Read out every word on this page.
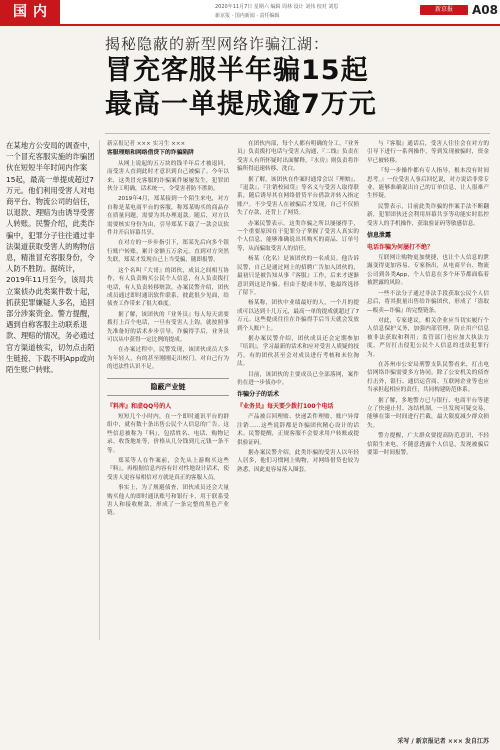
国内	2020年11月7日 星期六 编辑 周林 设计 刘伟 校对 刘思
新京报 · 国内新闻 · 责任编辑
新京报	A08
揭秘隐蔽的新型网络诈骗江湖：
冒充客服半年骗15起
最高一单提成逾7万元
在某地方公安局的调查中，一个冒充客服实施的诈骗团伙在短短半年时间内作案15起，最高一单提成超过7万元。他们利用受害人对电商平台、物流公司的信任，以退款、理赔为由诱导受害人转账。民警介绍，此类诈骗中，犯罪分子往往通过非法渠道获取受害人的购物信息，精准冒充客服身份，令人防不胜防。据统计，2019年11月至今，该局共立案侦办此类案件数十起，抓获犯罪嫌疑人多名，追回部分涉案资金。警方提醒，遇到自称客服主动联系退款、理赔的情况，务必通过官方渠道核实，切勿点击陌生链接、下载不明App或向陌生账户转账。
新京报记者 ××× 实习生 ×××
客服理赔和网络借贷下的诈骗陷阱

从网上说起的五万块的钱半年后才被退回，而受害人直到此时才意识到自己被骗了。今年以来，这类冒充客服的诈骗案件屡屡发生，犯罪团伙分工明确，话术统一，令受害者防不胜防。

2019年4月，郑某接到一个陌生来电，对方自称是某电商平台的客服，称郑某购买的商品存在质量问题，需要为其办理退款。随后，对方以需要核实身份为由，引导郑某下载了一款会议软件并开启屏幕共享。

在对方的一步步指引下，郑某先后向多个银行账户转账，累计金额五万余元。直到对方突然失联，郑某才发现自己上当受骗，随即报警。

这个名叫『大哥』的团伙，成员之间相互协作，有人负责购买公民个人信息，有人负责拨打电话，有人负责转移赃款。办案民警介绍，团伙成员通过即时通讯软件联系，彼此很少见面，给侦查工作带来了很大难度。

据了解，该团伙的『业务员』每人每天需要拨打上百个电话，一旦有受害人上钩，就按照事先准备好的话术步步引导。诈骗得手后，业务员可以从中获得一定比例的提成。

在办案过程中，民警发现，该团伙成员大多为年轻人，有的甚至刚刚走出校门，对自己行为的违法性认识不足。

隐蔽产业链
『料库』和虚QQ号的人

短短几个小时内，在一个即时通讯平台的群组中，就有数十条出售公民个人信息的广告。这些信息被称为『料』，包括姓名、电话、购物记录、收货地址等，价格从几分钱到几元钱一条不等。

郑某等人在作案前，会先从上游购买这些『料』，再根据信息内容有针对性地设计话术，使受害人更容易相信对方就是真正的客服人员。

事实上，为了规避侦查，团伙成员还会大量购买他人的即时通讯账号和银行卡，用于联系受害人和接收赃款，形成了一条完整的黑色产业链。

在团伙内部，每个人都有明确的分工。『业务员』负责拨打电话与受害人沟通，『二线』负责在受害人有所怀疑时出面解释，『水房』则负责将诈骗所得迅速转移、洗白。

据了解，该团伙在作案时通常会以『理赔』、『退款』、『注销校园贷』等名义与受害人取得联系，随后诱导其在网络借贷平台借款并转入指定账户。不少受害人在被骗后才发现，自己不仅损失了存款，还背上了网贷。

办案民警表示，这类诈骗之所以屡屡得手，一个重要原因在于犯罪分子掌握了受害人真实的个人信息，能够准确说出其购买的商品、订单号等，从而骗取受害人的信任。

杨某（化名）是该团伙的一名成员。他告诉民警，自己是通过网上的招聘广告加入团伙的，最初只是被告知从事『客服』工作，后来才逐渐意识到这是诈骗。但由于提成丰厚，他最终选择了留下。

杨某称，团伙中业绩最好的人，一个月的提成可以达到十几万元，最高一单的提成就超过了7万元。这些提成往往在诈骗得手后当天就会发放到个人账户上。

据办案民警介绍，团伙成员还会定期参加『培训』，学习最新的话术和应对受害人质疑的技巧，有的团伙甚至会对成员进行考核和末位淘汰。

目前，该团伙的主要成员已全部落网，案件仍在进一步侦办中。

诈骗分子的话术
『业务员』每天要少拨打100个电话

产品被召回理赔、快递丢件理赔、账户异常注销……这些说辞都是诈骗团伙精心设计的话术。民警提醒，正规客服不会要求用户转账或提供验证码。

据办案民警介绍，此类诈骗的受害人以年轻人居多，他们习惯网上购物，对网络借贷也较为熟悉，因此更容易落入圈套。

与『客服』通话后，受害人往往会在对方的引导下进行一系列操作，等到发现被骗时，资金早已被转移。

『每一步操作都有专人指导，根本没有时间思考。』一位受害人事后回忆说，对方说话非常专业，能够准确说出自己的订单信息，让人很难产生怀疑。

民警表示，目前此类诈骗的作案手法不断翻新，犯罪团伙还会利用屏幕共享等功能实时监控受害人的手机操作，获取验证码等敏感信息。

信息泄露
电话诈骗为何屡打不绝？

互联网让购物更加便捷，也让个人信息的泄露变得更加容易。专家指出，从电商平台、物流公司到各类App，个人信息在多个环节都面临着被泄露的风险。

一些不法分子通过非法手段获取公民个人信息后，将其批量出售给诈骗团伙，形成了『盗取—贩卖—诈骗』的完整链条。

对此，专家建议，相关企业应当切实履行个人信息保护义务，加强内部管理，防止用户信息被非法获取和利用；监管部门也应加大执法力度，严厉打击侵犯公民个人信息的违法犯罪行为。

在苏州市公安局刑警支队民警看来，打击电信网络诈骗需要多方协同。除了公安机关的侦查打击外，银行、通信运营商、互联网企业等也应当承担起相应的责任，共同构建防范体系。

据了解，多地警方已与银行、电商平台等建立了快速止付、冻结机制，一旦发现可疑交易，能够在第一时间进行拦截，最大限度减少群众损失。

警方提醒，广大群众要提高防范意识，不轻信陌生来电，不随意透露个人信息，发现被骗后要第一时间报警。

采写 / 新京报记者 ××× 发自江苏
